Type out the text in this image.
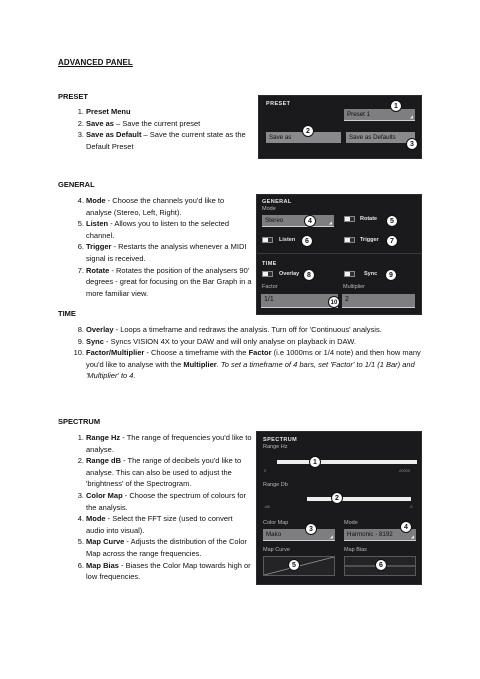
ADVANCED PANEL
PRESET
1. Preset Menu
2. Save as – Save the current preset
3. Save as Default – Save the current state as the Default Preset
PRESET
Preset 1	◢
Save as	Save as Defaults
1
2
3
GENERAL
4. Mode - Choose the channels you'd like to analyse (Stereo, Left, Right).
5. Listen - Allows you to listen to the selected channel.
6. Trigger - Restarts the analysis whenever a MIDI signal is received.
7. Rotate - Rotates the position of the analysers 90' degrees - great for focusing on the Bar Graph in a more familiar view.
GENERAL
Mode
Stereo	◢
Rotate
Listen	Trigger
TIME
Overlay	Sync
Factor	Multiplier
1/1	2
4	5
6	7
8	9
10
TIME
8. Overlay - Loops a timeframe and redraws the analysis. Turn off for 'Continuous' analysis.
9. Sync - Syncs VISION 4X to your DAW and will only analyse on playback in DAW.
10. Factor/Multiplier - Choose a timeframe with the Factor (i.e 1000ms or 1/4 note) and then how many you'd like to analyse with the Multiplier. To set a timeframe of 4 bars, set 'Factor' to 1/1 (1 Bar) and 'Multiplier' to 4.
SPECTRUM
1. Range Hz - The range of frequencies you'd like to analyse.
2. Range dB - The range of decibels you'd like to analyse. This can also be used to adjust the 'brightness' of the Spectrogram.
3. Color Map - Choose the spectrum of colours for the analysis.
4. Mode - Select the FFT size (used to convert audio into visual).
5. Map Curve - Adjusts the distribution of the Color Map across the range frequencies.
6. Map Bias - Biases the Color Map towards high or low frequencies.
SPECTRUM
Range Hz
0	20000
Range Db
-68	-5
Color Map	Mode
Mako	◢	Harmonic - 8192	◢
Map Curve	Map Bias
1
2
3	4
5	6
